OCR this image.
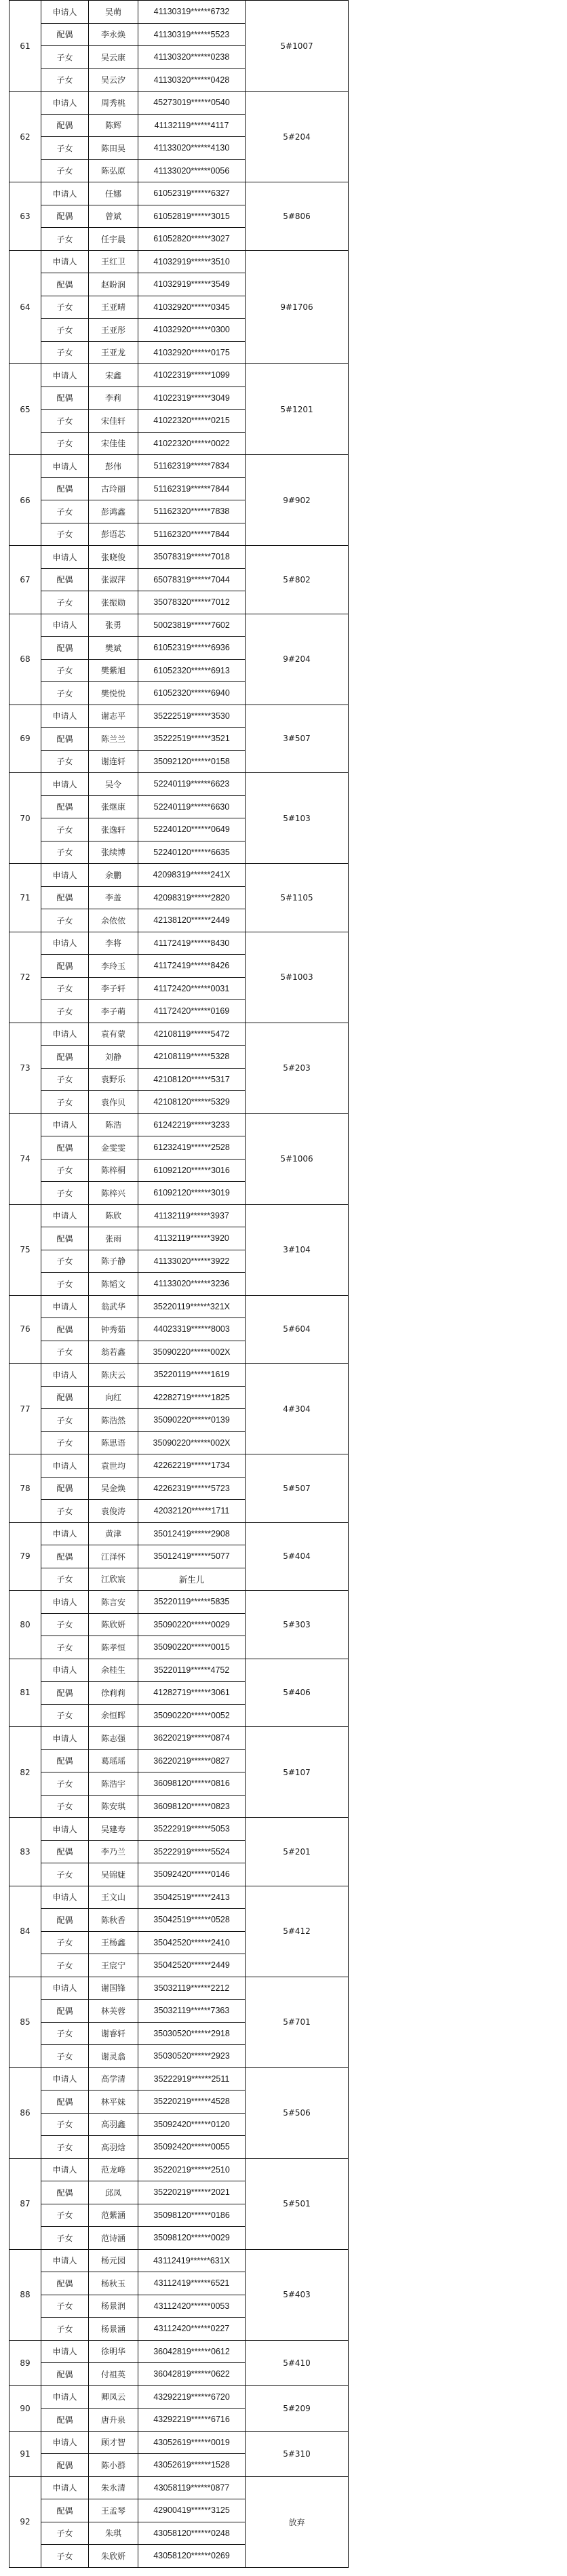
61	申请人	吴萌	41130319******6732	5#1007
	配偶	李永焕	41130319******5523	
	子女	吴云康	41130320******0238	
	子女	吴云汐	41130320******0428	
62	申请人	周秀桃	45273019******0540	5#204
	配偶	陈辉	41132119******4117	
	子女	陈田昊	41133020******4130	
	子女	陈弘原	41133020******0056	
63	申请人	任娜	61052319******6327	5#806
	配偶	曾斌	61052819******3015	
	子女	任宇晨	61052820******3027	
64	申请人	王红卫	41032919******3510	9#1706
	配偶	赵盼润	41032919******3549	
	子女	王亚晴	41032920******0345	
	子女	王亚彤	41032920******0300	
	子女	王亚龙	41032920******0175	
65	申请人	宋鑫	41022319******1099	5#1201
	配偶	李莉	41022319******3049	
	子女	宋佳轩	41022320******0215	
	子女	宋佳佳	41022320******0022	
66	申请人	彭伟	51162319******7834	9#902
	配偶	古玲丽	51162319******7844	
	子女	彭鸿鑫	51162320******7838	
	子女	彭语芯	51162320******7844	
67	申请人	张晓俊	35078319******7018	5#802
	配偶	张淑萍	65078319******7044	
	子女	张振勋	35078320******7012	
68	申请人	张勇	50023819******7602	9#204
	配偶	樊斌	61052319******6936	
	子女	樊紫旭	61052320******6913	
	子女	樊悦悦	61052320******6940	
69	申请人	谢志平	35222519******3530	3#507
	配偶	陈兰兰	35222519******3521	
	子女	谢连轩	35092120******0158	
70	申请人	吴令	52240119******6623	5#103
	配偶	张继康	52240119******6630	
	子女	张逸轩	52240120******0649	
	子女	张续博	52240120******6635	
71	申请人	余鹏	42098319******241X	5#1105
	配偶	李盖	42098319******2820	
	子女	余依依	42138120******2449	
72	申请人	李将	41172419******8430	5#1003
	配偶	李玲玉	41172419******8426	
	子女	李子轩	41172420******0031	
	子女	李子萌	41172420******0169	
73	申请人	袁有蒙	42108119******5472	5#203
	配偶	刘静	42108119******5328	
	子女	袁野乐	42108120******5317	
	子女	袁作贝	42108120******5329	
74	申请人	陈浩	61242219******3233	5#1006
	配偶	金雯雯	61232419******2528	
	子女	陈梓桐	61092120******3016	
	子女	陈梓兴	61092120******3019	
75	申请人	陈欣	41132119******3937	3#104
	配偶	张雨	41132119******3920	
	子女	陈子静	41133020******3922	
	子女	陈韬文	41133020******3236	
76	申请人	翁武华	35220119******321X	5#604
	配偶	钟秀茹	44023319******8003	
	子女	翁若鑫	35090220******002X	
77	申请人	陈庆云	35220119******1619	4#304
	配偶	向红	42282719******1825	
	子女	陈浩然	35090220******0139	
	子女	陈思语	35090220******002X	
78	申请人	袁世均	42262219******1734	5#507
	配偶	吴金焕	42262319******5723	
	子女	袁俊涛	42032120******1711	
79	申请人	黄津	35012419******2908	5#404
	配偶	江泽怀	35012419******5077	
	子女	江欣宸	新生儿	
80	申请人	陈言安	35220119******5835	5#303
	子女	陈欣妍	35090220******0029	
	子女	陈孝恒	35090220******0015	
81	申请人	余桂生	35220119******4752	5#406
	配偶	徐莉莉	41282719******3061	
	子女	余恒晖	35090220******0052	
82	申请人	陈志强	36220219******0874	5#107
	配偶	葛瑶瑶	36220219******0827	
	子女	陈浩宇	36098120******0816	
	子女	陈安琪	36098120******0823	
83	申请人	吴建寿	35222919******5053	5#201
	配偶	李乃兰	35222919******5524	
	子女	吴锦婕	35092420******0146	
84	申请人	王文山	35042519******2413	5#412
	配偶	陈秋香	35042519******0528	
	子女	王杨鑫	35042520******2410	
	子女	王宸宁	35042520******2449	
85	申请人	谢国锋	35032119******2212	5#701
	配偶	林芙蓉	35032119******7363	
	子女	谢睿轩	35030520******2918	
	子女	谢灵翕	35030520******2923	
86	申请人	高学清	35222919******2511	5#506
	配偶	林平妹	35220219******4528	
	子女	高羽鑫	35092420******0120	
	子女	高羽焓	35092420******0055	
87	申请人	范龙峰	35220219******2510	5#501
	配偶	邱凤	35220219******2021	
	子女	范紫涵	35098120******0186	
	子女	范诗涵	35098120******0029	
88	申请人	杨元园	43112419******631X	5#403
	配偶	杨秋玉	43112419******6521	
	子女	杨景润	43112420******0053	
	子女	杨景涵	43112420******0227	
89	申请人	徐明华	36042819******0612	5#410
	配偶	付祖英	36042819******0622	
90	申请人	卿凤云	43292219******6720	5#209
	配偶	唐升泉	43292219******6716	
91	申请人	顾才智	43052619******0019	5#310
	配偶	陈小群	43052619******1528	
92	申请人	朱永清	43058119******0877	放弃
	配偶	王孟琴	42900419******3125	
	子女	朱琪	43058120******0248	
	子女	朱欣妍	43058120******0269	
